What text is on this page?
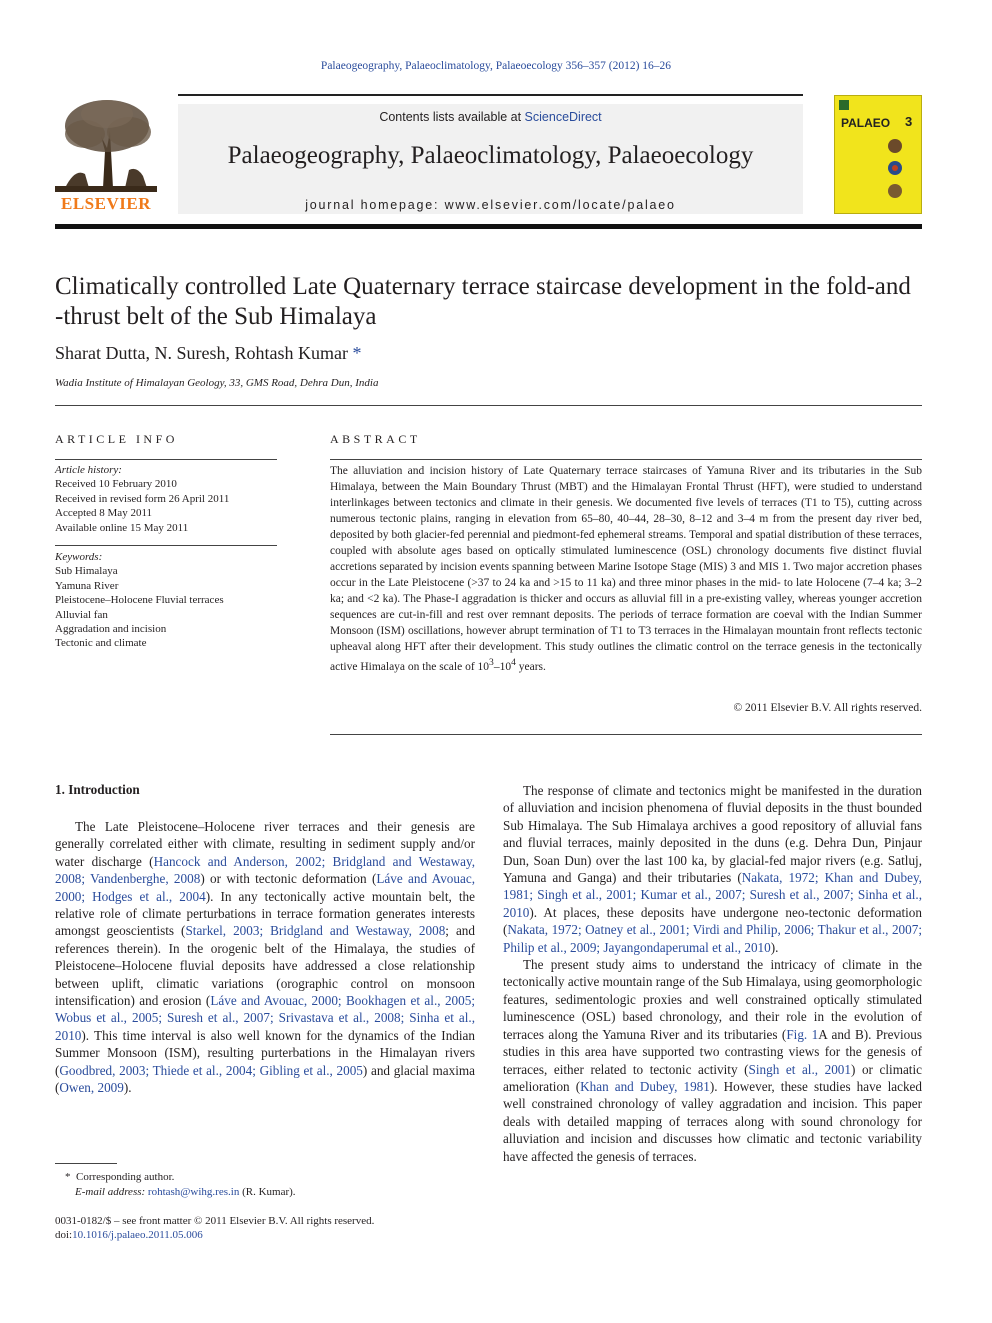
Palaeogeography, Palaeoclimatology, Palaeoecology 356–357 (2012) 16–26
ELSEVIER
Contents lists available at ScienceDirect
Palaeogeography, Palaeoclimatology, Palaeoecology
journal homepage: www.elsevier.com/locate/palaeo
PALAEO 3
Climatically controlled Late Quaternary terrace staircase development in the fold-and -thrust belt of the Sub Himalaya
Sharat Dutta, N. Suresh, Rohtash Kumar *
Wadia Institute of Himalayan Geology, 33, GMS Road, Dehra Dun, India
ARTICLE INFO	ABSTRACT
Article history:
Received 10 February 2010
Received in revised form 26 April 2011
Accepted 8 May 2011
Available online 15 May 2011
Keywords:
Sub Himalaya
Yamuna River
Pleistocene–Holocene Fluvial terraces
Alluvial fan
Aggradation and incision
Tectonic and climate
The alluviation and incision history of Late Quaternary terrace staircases of Yamuna River and its tributaries in the Sub Himalaya, between the Main Boundary Thrust (MBT) and the Himalayan Frontal Thrust (HFT), were studied to understand interlinkages between tectonics and climate in their genesis. We documented five levels of terraces (T1 to T5), cutting across numerous tectonic plains, ranging in elevation from 65–80, 40–44, 28–30, 8–12 and 3–4 m from the present day river bed, deposited by both glacier-fed perennial and piedmont-fed ephemeral streams. Temporal and spatial distribution of these terraces, coupled with absolute ages based on optically stimulated luminescence (OSL) chronology documents five distinct fluvial accretions separated by incision events spanning between Marine Isotope Stage (MIS) 3 and MIS 1. Two major accretion phases occur in the Late Pleistocene (>37 to 24 ka and >15 to 11 ka) and three minor phases in the mid- to late Holocene (7–4 ka; 3–2 ka; and <2 ka). The Phase-I aggradation is thicker and occurs as alluvial fill in a pre-existing valley, whereas younger accretion sequences are cut-in-fill and rest over remnant deposits. The periods of terrace formation are coeval with the Indian Summer Monsoon (ISM) oscillations, however abrupt termination of T1 to T3 terraces in the Himalayan mountain front reflects tectonic upheaval along HFT after their development. This study outlines the climatic control on the terrace genesis in the tectonically active Himalaya on the scale of $10^3-10^4$ years.
© 2011 Elsevier B.V. All rights reserved.
1. Introduction

The Late Pleistocene–Holocene river terraces and their genesis are generally correlated either with climate, resulting in sediment supply and/or water discharge (Hancock and Anderson, 2002; Bridgland and Westaway, 2008; Vandenberghe, 2008) or with tectonic deformation (Láve and Avouac, 2000; Hodges et al., 2004). In any tectonically active mountain belt, the relative role of climate perturbations in terrace formation generates interests amongst geoscientists (Starkel, 2003; Bridgland and Westaway, 2008; and references therein). In the orogenic belt of the Himalaya, the studies of Pleistocene–Holocene fluvial deposits have addressed a close relationship between uplift, climatic variations (orographic control on monsoon intensification) and erosion (Láve and Avouac, 2000; Bookhagen et al., 2005; Wobus et al., 2005; Suresh et al., 2007; Srivastava et al., 2008; Sinha et al., 2010). This time interval is also well known for the dynamics of the Indian Summer Monsoon (ISM), resulting purterbations in the Himalayan rivers (Goodbred, 2003; Thiede et al., 2004; Gibling et al., 2005) and glacial maxima (Owen, 2009).

The response of climate and tectonics might be manifested in the duration of alluviation and incision phenomena of fluvial deposits in the thust bounded Sub Himalaya. The Sub Himalaya archives a good repository of alluvial fans and fluvial terraces, mainly deposited in the duns (e.g. Dehra Dun, Pinjaur Dun, Soan Dun) over the last 100 ka, by glacial-fed major rivers (e.g. Satluj, Yamuna and Ganga) and their tributaries (Nakata, 1972; Khan and Dubey, 1981; Singh et al., 2001; Kumar et al., 2007; Suresh et al., 2007; Sinha et al., 2010). At places, these deposits have undergone neo-tectonic deformation (Nakata, 1972; Oatney et al., 2001; Virdi and Philip, 2006; Thakur et al., 2007; Philip et al., 2009; Jayangondaperumal et al., 2010).

The present study aims to understand the intricacy of climate in the tectonically active mountain range of the Sub Himalaya, using geomorphologic features, sedimentologic proxies and well constrained optically stimulated luminescence (OSL) based chronology, and their role in the evolution of terraces along the Yamuna River and its tributaries (Fig. 1A and B). Previous studies in this area have supported two contrasting views for the genesis of terraces, either related to tectonic activity (Singh et al., 2001) or climatic amelioration (Khan and Dubey, 1981). However, these studies have lacked well constrained chronology of valley aggradation and incision. This paper deals with detailed mapping of terraces along with sound chronology for alluviation and incision and discusses how climatic and tectonic variability have affected the genesis of terraces.

* Corresponding author.
E-mail address: rohtash@wihg.res.in (R. Kumar).
0031-0182/$ – see front matter © 2011 Elsevier B.V. All rights reserved.
doi:10.1016/j.palaeo.2011.05.006
